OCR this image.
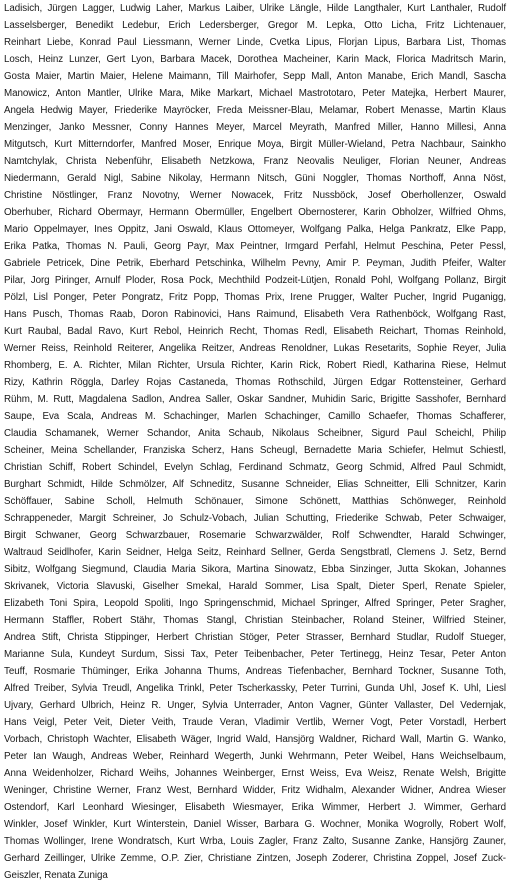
Ladisich, Jürgen Lagger, Ludwig Laher, Markus Laiber, Ulrike Längle, Hilde Langthaler, Kurt Lanthaler, Rudolf
Lasselsberger, Benedikt Ledebur, Erich Ledersberger, Gregor M. Lepka, Otto Licha, Fritz Lichtenauer,
Reinhart Liebe, Konrad Paul Liessmann, Werner Linde, Cvetka Lipus, Florjan Lipus, Barbara List, Thomas
Losch, Heinz Lunzer, Gert Lyon, Barbara Macek, Dorothea Macheiner, Karin Mack, Florica Madritsch Marin,
Gosta Maier, Martin Maier, Helene Maimann, Till Mairhofer, Sepp Mall, Anton Manabe, Erich Mandl, Sascha
Manowicz, Anton Mantler, Ulrike Mara, Mike Markart, Michael Mastrototaro, Peter Matejka, Herbert Maurer,
Angela Hedwig Mayer, Friederike Mayröcker, Freda Meissner-Blau, Melamar, Robert Menasse, Martin Klaus
Menzinger, Janko Messner, Conny Hannes Meyer, Marcel Meyrath, Manfred Miller, Hanno Millesi, Anna
Mitgutsch, Kurt Mitterndorfer, Manfred Moser, Enrique Moya, Birgit Müller-Wieland, Petra Nachbaur, Sainkho
Namtchylak, Christa Nebenführ, Elisabeth Netzkowa, Franz Neovalis Neuliger, Florian Neuner, Andreas
Niedermann, Gerald Nigl, Sabine Nikolay, Hermann Nitsch, Güni Noggler, Thomas Northoff, Anna Nöst,
Christine Nöstlinger, Franz Novotny, Werner Nowacek, Fritz Nussböck, Josef Oberhollenzer, Oswald
Oberhuber, Richard Obermayr, Hermann Obermüller, Engelbert Obernosterer, Karin Obholzer, Wilfried Ohms,
Mario Oppelmayer, Ines Oppitz, Jani Oswald, Klaus Ottomeyer, Wolfgang Palka, Helga Pankratz, Elke Papp,
Erika Patka, Thomas N. Pauli, Georg Payr, Max Peintner, Irmgard Perfahl, Helmut Peschina, Peter Pessl,
Gabriele Petricek, Dine Petrik, Eberhard Petschinka, Wilhelm Pevny, Amir P. Peyman, Judith Pfeifer, Walter
Pilar, Jorg Piringer, Arnulf Ploder, Rosa Pock, Mechthild Podzeit-Lütjen, Ronald Pohl, Wolfgang Pollanz, Birgit
Pölzl, Lisl Ponger, Peter Pongratz, Fritz Popp, Thomas Prix, Irene Prugger, Walter Pucher, Ingrid Puganigg,
Hans Pusch, Thomas Raab, Doron Rabinovici, Hans Raimund, Elisabeth Vera Rathenböck, Wolfgang Rast,
Kurt Raubal, Badal Ravo, Kurt Rebol, Heinrich Recht, Thomas Redl, Elisabeth Reichart, Thomas Reinhold,
Werner Reiss, Reinhold Reiterer, Angelika Reitzer, Andreas Renoldner, Lukas Resetarits, Sophie Reyer, Julia
Rhomberg, E. A. Richter, Milan Richter, Ursula Richter, Karin Rick, Robert Riedl, Katharina Riese, Helmut
Rizy, Kathrin Röggla, Darley Rojas Castaneda, Thomas Rothschild, Jürgen Edgar Rottensteiner, Gerhard
Rühm, M. Rutt, Magdalena Sadlon, Andrea Saller, Oskar Sandner, Muhidin Saric, Brigitte Sasshofer, Bernhard
Saupe, Eva Scala, Andreas M. Schachinger, Marlen Schachinger, Camillo Schaefer, Thomas Schafferer,
Claudia Schamanek, Werner Schandor, Anita Schaub, Nikolaus Scheibner, Sigurd Paul Scheichl, Philip
Scheiner, Meina Schellander, Franziska Scherz, Hans Scheugl, Bernadette Maria Schiefer, Helmut Schiestl,
Christian Schiff, Robert Schindel, Evelyn Schlag, Ferdinand Schmatz, Georg Schmid, Alfred Paul Schmidt,
Burghart Schmidt, Hilde Schmölzer, Alf Schneditz, Susanne Schneider, Elias Schneitter, Elli Schnitzer, Karin
Schöffauer, Sabine Scholl, Helmuth Schönauer, Simone Schönett, Matthias Schönweger, Reinhold
Schrappeneder, Margit Schreiner, Jo Schulz-Vobach, Julian Schutting, Friederike Schwab, Peter Schwaiger,
Birgit Schwaner, Georg Schwarzbauer, Rosemarie Schwarzwälder, Rolf Schwendter, Harald Schwinger,
Waltraud Seidlhofer, Karin Seidner, Helga Seitz, Reinhard Sellner, Gerda Sengstbratl, Clemens J. Setz, Bernd
Sibitz, Wolfgang Siegmund, Claudia Maria Sikora, Martina Sinowatz, Ebba Sinzinger, Jutta Skokan, Johannes
Skrivanek, Victoria Slavuski, Giselher Smekal, Harald Sommer, Lisa Spalt, Dieter Sperl, Renate Spieler,
Elizabeth Toni Spira, Leopold Spoliti, Ingo Springenschmid, Michael Springer, Alfred Springer, Peter Sragher,
Hermann Staffler, Robert Stähr, Thomas Stangl, Christian Steinbacher, Roland Steiner, Wilfried Steiner,
Andrea Stift, Christa Stippinger, Herbert Christian Stöger, Peter Strasser, Bernhard Studlar, Rudolf Stueger,
Marianne Sula, Kundeyt Surdum, Sissi Tax, Peter Teibenbacher, Peter Tertinegg, Heinz Tesar, Peter Anton
Teuff, Rosmarie Thüminger, Erika Johanna Thums, Andreas Tiefenbacher, Bernhard Tockner, Susanne Toth,
Alfred Treiber, Sylvia Treudl, Angelika Trinkl, Peter Tscherkassky, Peter Turrini, Gunda Uhl, Josef K. Uhl, Liesl
Ujvary, Gerhard Ulbrich, Heinz R. Unger, Sylvia Unterrader, Anton Vagner, Günter Vallaster, Del Vedernjak,
Hans Veigl, Peter Veit, Dieter Veith, Traude Veran, Vladimir Vertlib, Werner Vogt, Peter Vorstadl, Herbert
Vorbach, Christoph Wachter, Elisabeth Wäger, Ingrid Wald, Hansjörg Waldner, Richard Wall, Martin G. Wanko,
Peter Ian Waugh, Andreas Weber, Reinhard Wegerth, Junki Wehrmann, Peter Weibel, Hans Weichselbaum,
Anna Weidenholzer, Richard Weihs, Johannes Weinberger, Ernst Weiss, Eva Weisz, Renate Welsh, Brigitte
Weninger, Christine Werner, Franz West, Bernhard Widder, Fritz Widhalm, Alexander Widner, Andrea Wieser
Ostendorf, Karl Leonhard Wiesinger, Elisabeth Wiesmayer, Erika Wimmer, Herbert J. Wimmer, Gerhard
Winkler, Josef Winkler, Kurt Winterstein, Daniel Wisser, Barbara G. Wochner, Monika Wogrolly, Robert Wolf,
Thomas Wollinger, Irene Wondratsch, Kurt Wrba, Louis Zagler, Franz Zalto, Susanne Zanke, Hansjörg Zauner,
Gerhard Zeillinger, Ulrike Zemme, O.P. Zier, Christiane Zintzen, Joseph Zoderer, Christina Zoppel, Josef Zuck-
Geiszler, Renata Zuniga
